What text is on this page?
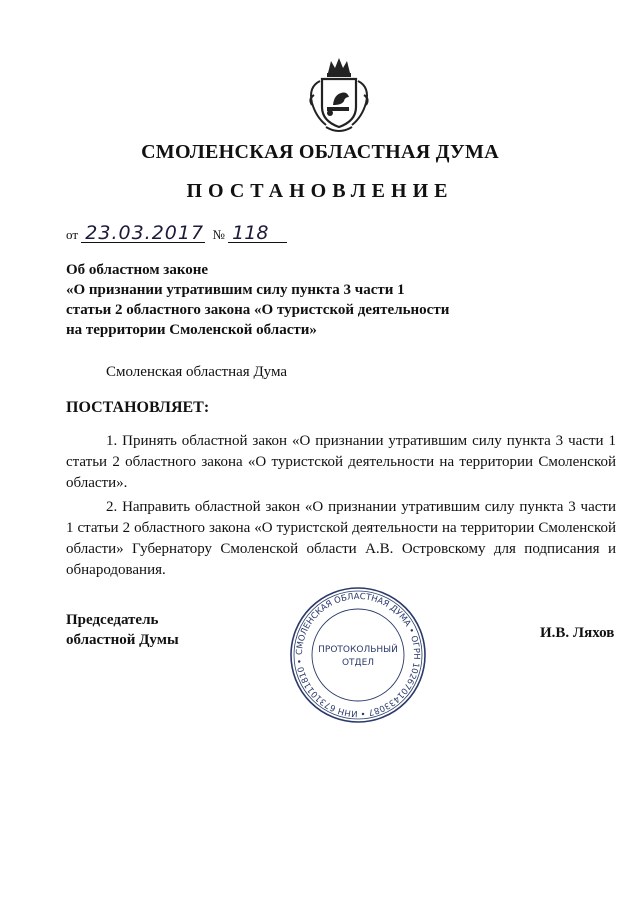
СМОЛЕНСКАЯ ОБЛАСТНАЯ ДУМА
ПОСТАНОВЛЕНИЕ
от 23.03.2017 № 118
Об областном законе
«О признании утратившим силу пункта 3 части 1
статьи 2 областного закона «О туристской деятельности
на территории Смоленской области»
Смоленская областная Дума
ПОСТАНОВЛЯЕТ:
1. Принять областной закон «О признании утратившим силу пункта 3 части 1 статьи 2 областного закона «О туристской деятельности на территории Смоленской области».
2. Направить областной закон «О признании утратившим силу пункта 3 части 1 статьи 2 областного закона «О туристской деятельности на территории Смоленской области» Губернатору Смоленской области А.В. Островскому для подписания и обнародования.
Председатель
областной Думы
СМОЛЕНСКАЯ ОБЛАСТНАЯ ДУМА • ОГРН 1026701433087 • ИНН 6731011810 •
ПРОТОКОЛЬНЫЙ
ОТДЕЛ
И.В. Ляхов
